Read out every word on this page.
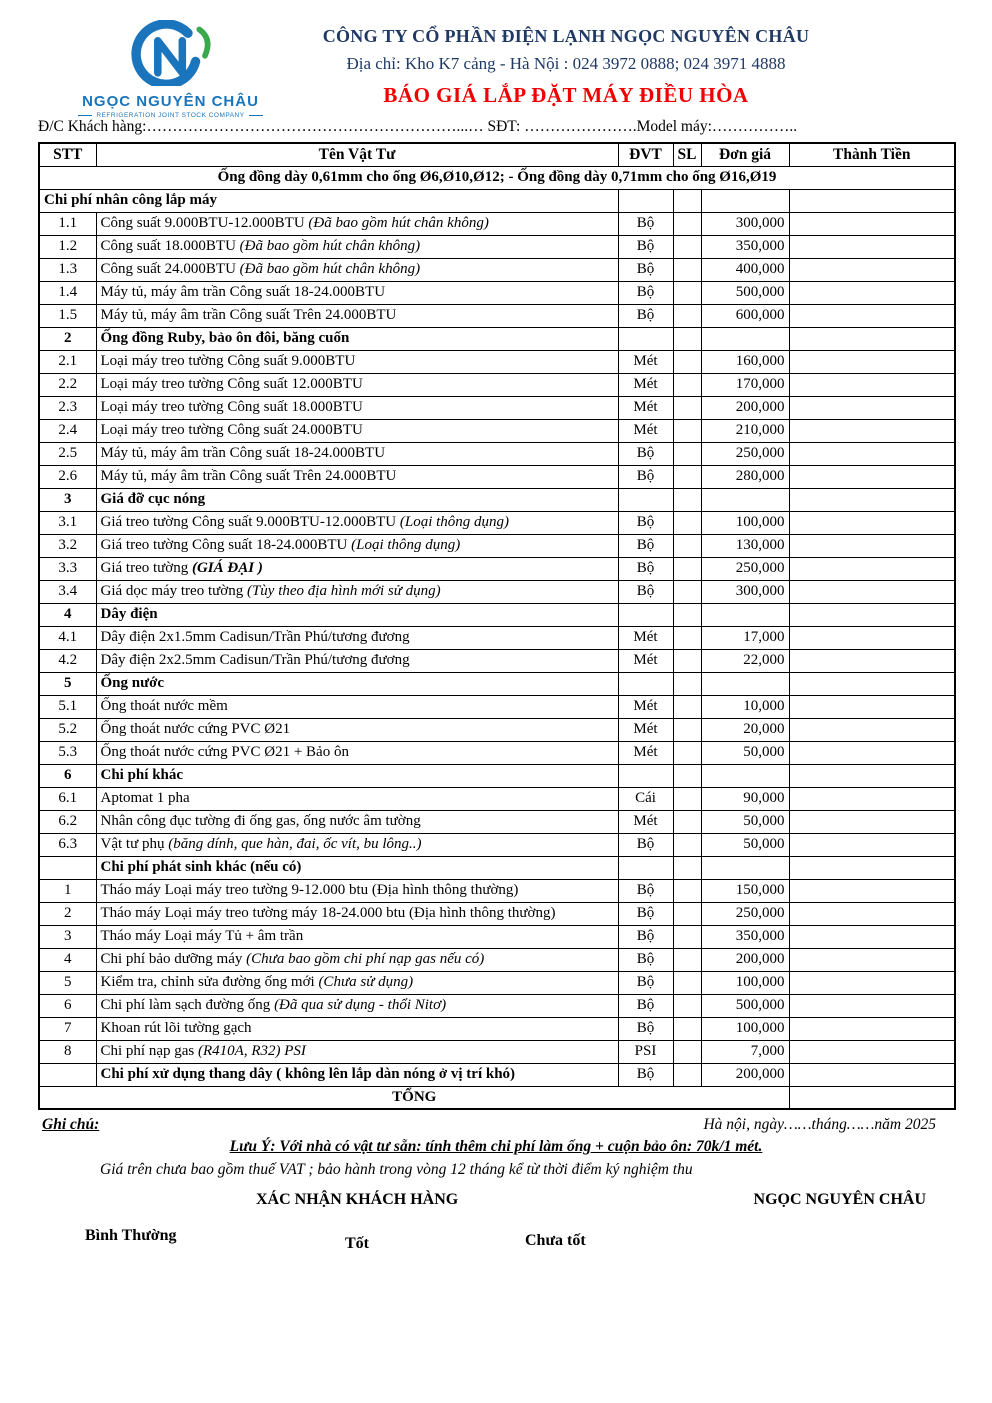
NGỌC NGUYÊN CHÂU
REFRIGERATION JOINT STOCK COMPANY
CÔNG TY CỔ PHẦN ĐIỆN LẠNH NGỌC NGUYÊN CHÂU
Địa chỉ: Kho K7 cảng - Hà Nội : 024 3972 0888; 024 3971 4888
BÁO GIÁ LẮP ĐẶT MÁY ĐIỀU HÒA
Đ/C Khách hàng:……………………………………………………...… SĐT: ………………….Model máy:……………..
STT	Tên Vật Tư	ĐVT	SL	Đơn giá	Thành Tiền
Ống đồng dày 0,61mm cho ống Ø6,Ø10,Ø12; - Ống đồng dày 0,71mm cho ống Ø16,Ø19					
Chi phí nhân công lắp máy					
1.1	Công suất 9.000BTU-12.000BTU (Đã bao gồm hút chân không)	Bộ		300,000	
1.2	Công suất 18.000BTU (Đã bao gồm hút chân không)	Bộ		350,000	
1.3	Công suất 24.000BTU (Đã bao gồm hút chân không)	Bộ		400,000	
1.4	Máy tủ, máy âm trần Công suất 18-24.000BTU	Bộ		500,000	
1.5	Máy tủ, máy âm trần Công suất Trên 24.000BTU	Bộ		600,000	
2	Ống đồng Ruby, bảo ôn đôi, băng cuốn				
2.1	Loại máy treo tường Công suất 9.000BTU	Mét		160,000	
2.2	Loại máy treo tường Công suất 12.000BTU	Mét		170,000	
2.3	Loại máy treo tường Công suất 18.000BTU	Mét		200,000	
2.4	Loại máy treo tường Công suất 24.000BTU	Mét		210,000	
2.5	Máy tủ, máy âm trần Công suất 18-24.000BTU	Bộ		250,000	
2.6	Máy tủ, máy âm trần Công suất Trên 24.000BTU	Bộ		280,000	
3	Giá đỡ cục nóng				
3.1	Giá treo tường Công suất 9.000BTU-12.000BTU (Loại thông dụng)	Bộ		100,000	
3.2	Giá treo tường Công suất 18-24.000BTU (Loại thông dụng)	Bộ		130,000	
3.3	Giá treo tường (GIÁ ĐẠI )	Bộ		250,000	
3.4	Giá dọc máy treo tường (Tùy theo địa hình mới sử dụng)	Bộ		300,000	
4	Dây điện				
4.1	Dây điện 2x1.5mm Cadisun/Trần Phú/tương đương	Mét		17,000	
4.2	Dây điện 2x2.5mm Cadisun/Trần Phú/tương đương	Mét		22,000	
5	Ống nước				
5.1	Ống thoát nước mềm	Mét		10,000	
5.2	Ống thoát nước cứng PVC Ø21	Mét		20,000	
5.3	Ống thoát nước cứng PVC Ø21 + Bảo ôn	Mét		50,000	
6	Chi phí khác				
6.1	Aptomat 1 pha	Cái		90,000	
6.2	Nhân công đục tường đi ống gas, ống nước âm tường	Mét		50,000	
6.3	Vật tư phụ (băng dính, que hàn, đai, ốc vít, bu lông..)	Bộ		50,000	
	Chi phí phát sinh khác (nếu có)				
1	Tháo máy Loại máy treo tường 9-12.000 btu (Địa hình thông thường)	Bộ		150,000	
2	Tháo máy Loại máy treo tường máy 18-24.000 btu (Địa hình thông thường)	Bộ		250,000	
3	Tháo máy Loại máy Tủ + âm trần	Bộ		350,000	
4	Chi phí bảo dưỡng máy (Chưa bao gồm chi phí nạp gas nếu có)	Bộ		200,000	
5	Kiểm tra, chỉnh sửa đường ống mới (Chưa sử dụng)	Bộ		100,000	
6	Chi phí làm sạch đường ống (Đã qua sử dụng - thổi Nitơ)	Bộ		500,000	
7	Khoan rút lõi tường gạch	Bộ		100,000	
8	Chi phí nạp gas (R410A, R32) PSI	PSI		7,000	
	Chi phí xử dụng thang dây ( không lên lắp dàn nóng ở vị trí khó)	Bộ		200,000	
TỔNG					
Ghi chú:	Hà nội, ngày……tháng……năm 2025
Lưu Ý: Với nhà có vật tư sẵn: tính thêm chi phí làm ống + cuộn bảo ôn: 70k/1 mét.
Giá trên chưa bao gồm thuế VAT ; bảo hành trong vòng 12 tháng kể từ thời điểm ký nghiệm thu
XÁC NHẬN KHÁCH HÀNG	NGỌC NGUYÊN CHÂU
Bình Thường	Tốt	Chưa tốt
